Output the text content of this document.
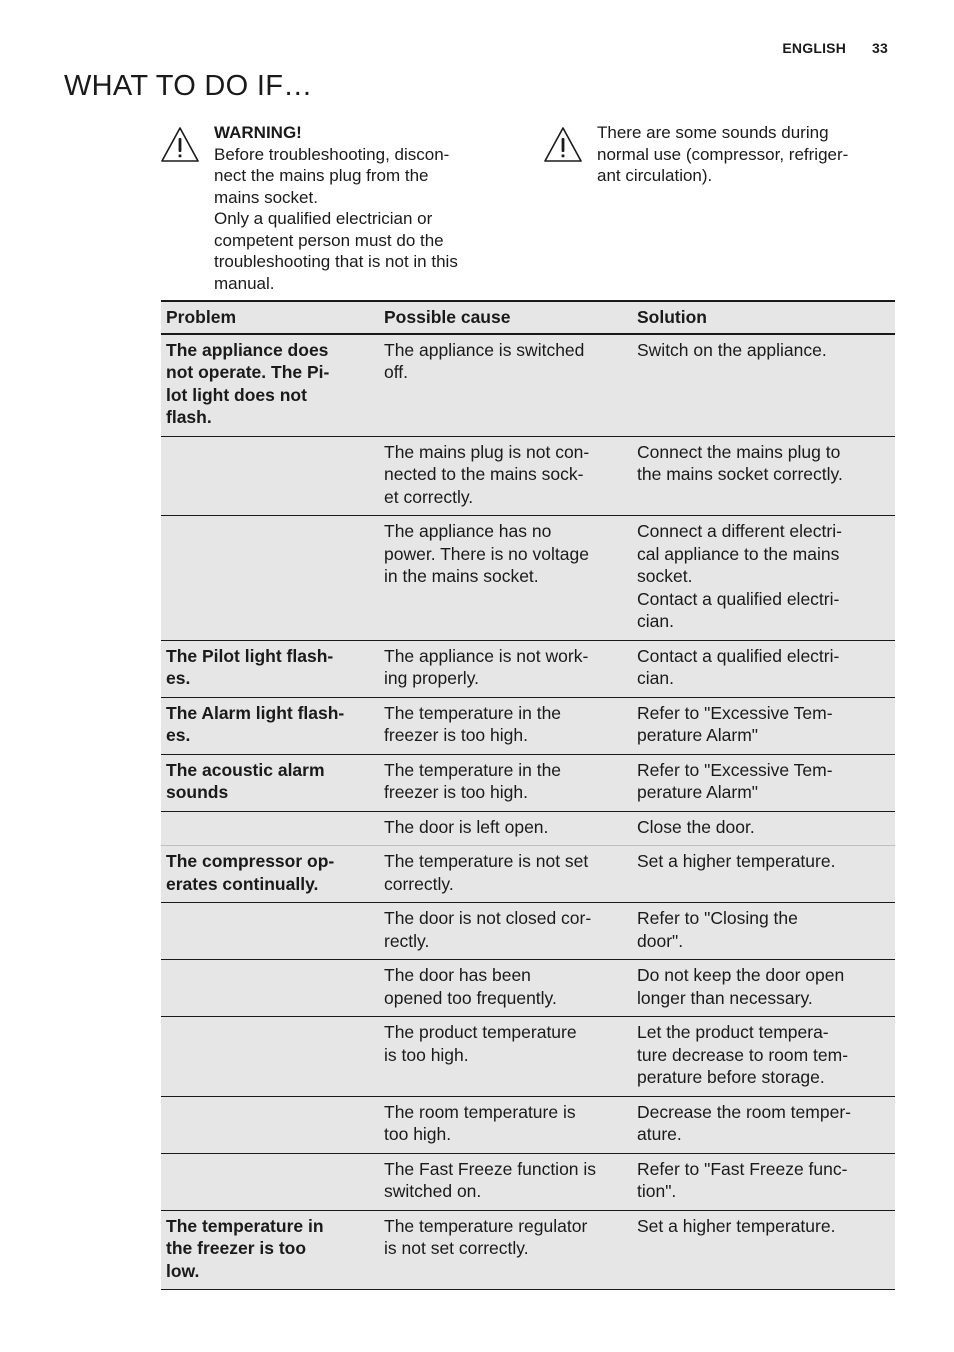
ENGLISH 33
WHAT TO DO IF…
WARNING!
Before troubleshooting, discon-
nect the mains plug from the
mains socket.
Only a qualified electrician or
competent person must do the
troubleshooting that is not in this
manual.
There are some sounds during
normal use (compressor, refriger-
ant circulation).
Problem	Possible cause	Solution
The appliance does
not operate. The Pi-
lot light does not
flash.	The appliance is switched
off.	Switch on the appliance.
	The mains plug is not con-
nected to the mains sock-
et correctly.	Connect the mains plug to
the mains socket correctly.
	The appliance has no
power. There is no voltage
in the mains socket.	Connect a different electri-
cal appliance to the mains
socket.
Contact a qualified electri-
cian.
The Pilot light flash-
es.	The appliance is not work-
ing properly.	Contact a qualified electri-
cian.
The Alarm light flash-
es.	The temperature in the
freezer is too high.	Refer to "Excessive Tem-
perature Alarm"
The acoustic alarm
sounds	The temperature in the
freezer is too high.	Refer to "Excessive Tem-
perature Alarm"
	The door is left open.	Close the door.
The compressor op-
erates continually.	The temperature is not set
correctly.	Set a higher temperature.
	The door is not closed cor-
rectly.	Refer to "Closing the
door".
	The door has been
opened too frequently.	Do not keep the door open
longer than necessary.
	The product temperature
is too high.	Let the product tempera-
ture decrease to room tem-
perature before storage.
	The room temperature is
too high.	Decrease the room temper-
ature.
	The Fast Freeze function is
switched on.	Refer to "Fast Freeze func-
tion".
The temperature in
the freezer is too
low.	The temperature regulator
is not set correctly.	Set a higher temperature.
